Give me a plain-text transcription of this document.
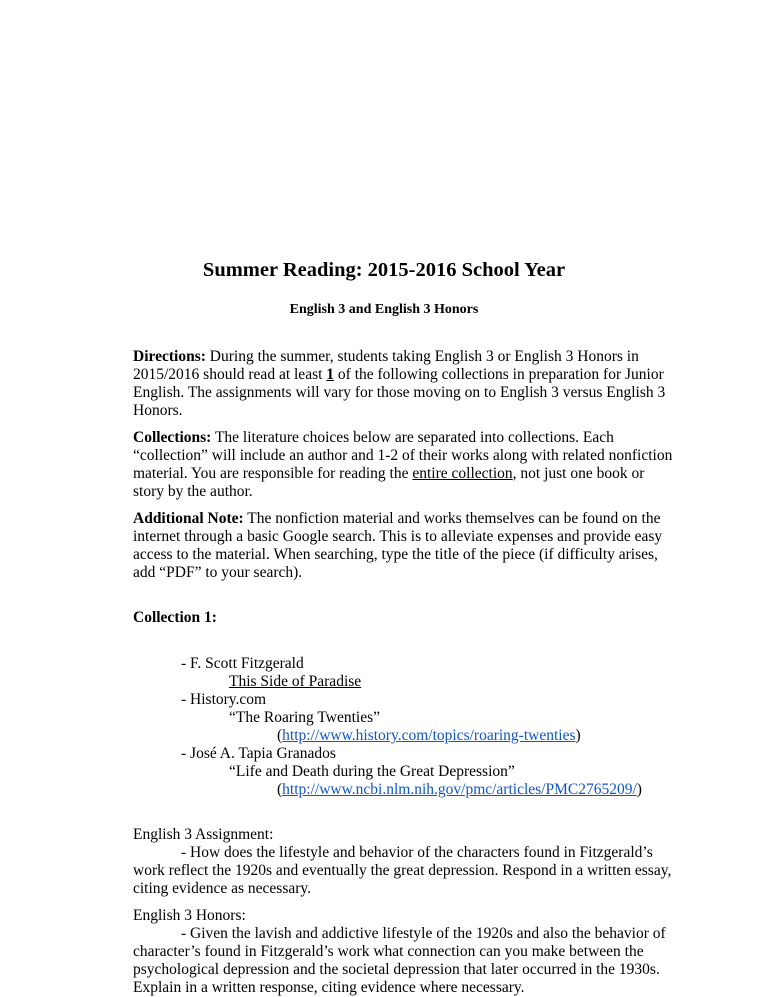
Summer Reading: 2015-2016 School Year
English 3 and English 3 Honors

Directions: During the summer, students taking English 3 or English 3 Honors in 2015/2016 should read at least 1 of the following collections in preparation for Junior English. The assignments will vary for those moving on to English 3 versus English 3 Honors.

Collections: The literature choices below are separated into collections. Each “collection” will include an author and 1-2 of their works along with related nonfiction material. You are responsible for reading the entire collection, not just one book or story by the author.

Additional Note: The nonfiction material and works themselves can be found on the internet through a basic Google search. This is to alleviate expenses and provide easy access to the material. When searching, type the title of the piece (if difficulty arises, add “PDF” to your search).

Collection 1:
- F. Scott Fitzgerald
This Side of Paradise
- History.com
“The Roaring Twenties”
(http://www.history.com/topics/roaring-twenties)
- José A. Tapia Granados
“Life and Death during the Great Depression”
(http://www.ncbi.nlm.nih.gov/pmc/articles/PMC2765209/)
English 3 Assignment:

- How does the lifestyle and behavior of the characters found in Fitzgerald’s work reflect the 1920s and eventually the great depression. Respond in a written essay, citing evidence as necessary.

English 3 Honors:

- Given the lavish and addictive lifestyle of the 1920s and also the behavior of character’s found in Fitzgerald’s work what connection can you make between the psychological depression and the societal depression that later occurred in the 1930s. Explain in a written response, citing evidence where necessary.
